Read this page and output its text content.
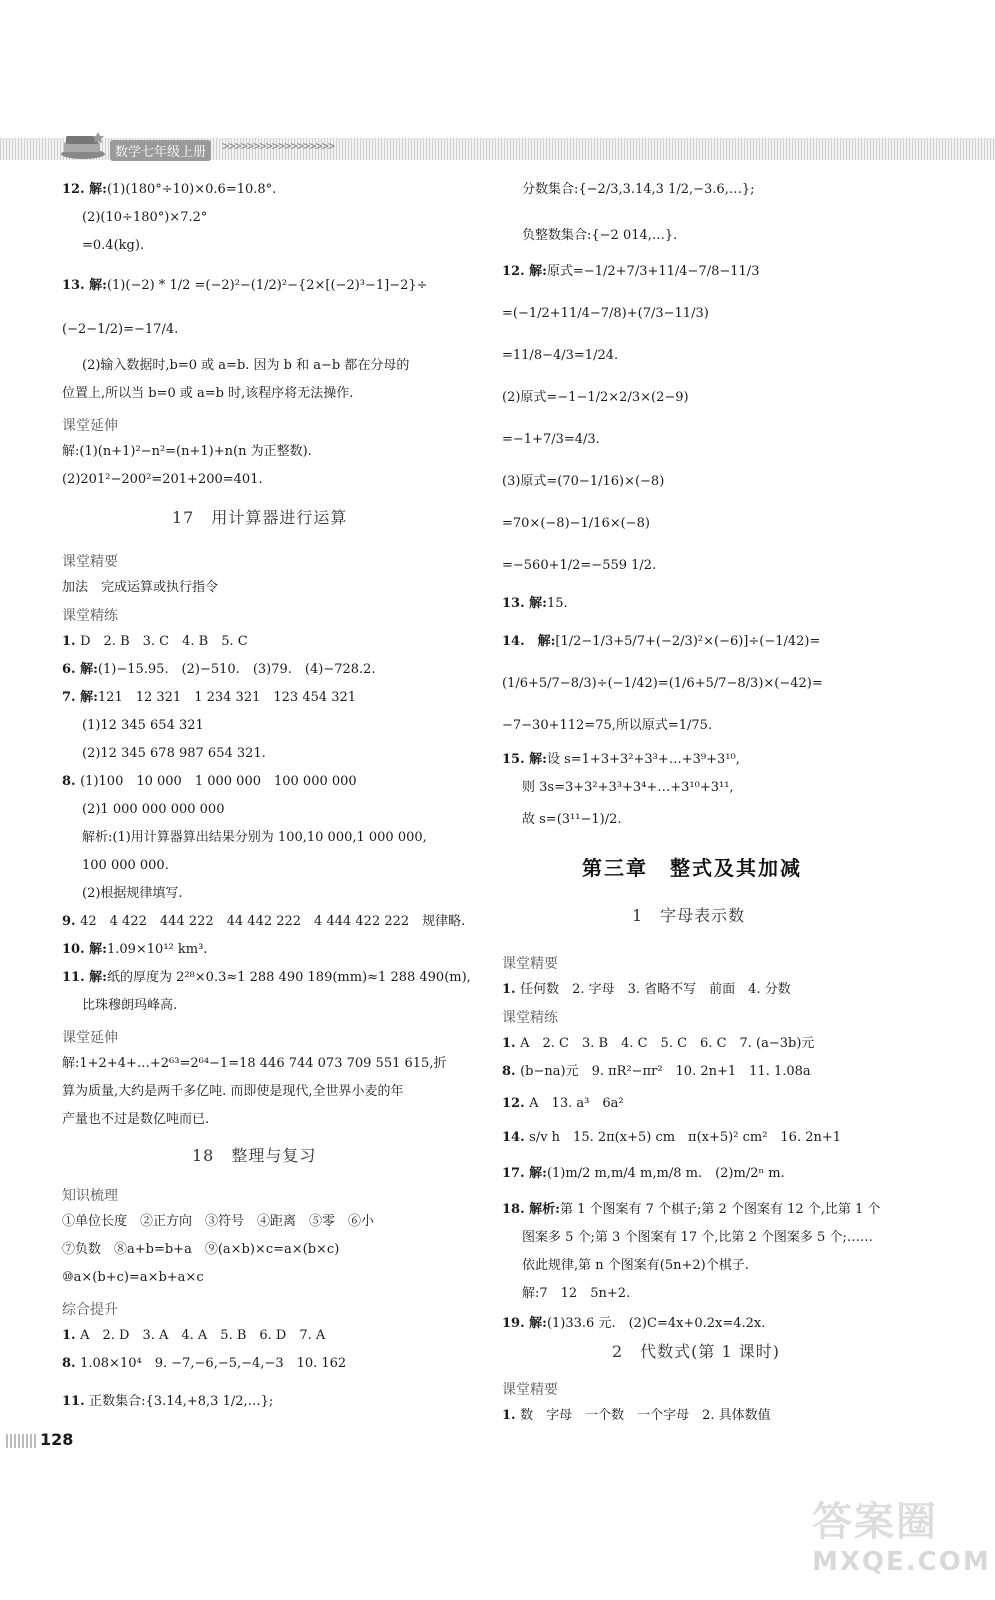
数学七年级上册	>>>>>>>>>>>>>>>>>>
12. 解:(1)(180°÷10)×0.6=10.8°.
(2)(10÷180°)×7.2°
=0.4(kg).
13. 解:(1)(−2) * 1/2 =(−2)²−(1/2)²−{2×[(−2)³−1]−2}÷
(−2−1/2)=−17/4.
(2)输入数据时,b=0 或 a=b. 因为 b 和 a−b 都在分母的
位置上,所以当 b=0 或 a=b 时,该程序将无法操作.
课堂延伸
解:(1)(n+1)²−n²=(n+1)+n(n 为正整数).
(2)201²−200²=201+200=401.
17　用计算器进行运算
课堂精要
加法　完成运算或执行指令
课堂精练
1. D　2. B　3. C　4. B　5. C
6. 解:(1)−15.95.　(2)−510.　(3)79.　(4)−728.2.
7. 解:121　12 321　1 234 321　123 454 321
(1)12 345 654 321
(2)12 345 678 987 654 321.
8. (1)100　10 000　1 000 000　100 000 000
(2)1 000 000 000 000
解析:(1)用计算器算出结果分别为 100,10 000,1 000 000,
100 000 000.
(2)根据规律填写.
9. 42　4 422　444 222　44 442 222　4 444 422 222　规律略.
10. 解:1.09×10¹² km³.
11. 解:纸的厚度为 2²⁸×0.3≈1 288 490 189(mm)≈1 288 490(m),
比珠穆朗玛峰高.
课堂延伸
解:1+2+4+…+2⁶³=2⁶⁴−1=18 446 744 073 709 551 615,折
算为质量,大约是两千多亿吨. 而即使是现代,全世界小麦的年
产量也不过是数亿吨而已.
18　整理与复习
知识梳理
①单位长度　②正方向　③符号　④距离　⑤零　⑥小
⑦负数　⑧a+b=b+a　⑨(a×b)×c=a×(b×c)
⑩a×(b+c)=a×b+a×c
综合提升
1. A　2. D　3. A　4. A　5. B　6. D　7. A
8. 1.08×10⁴　9. −7,−6,−5,−4,−3　10. 162
11. 正数集合:{3.14,+8,3 1/2,…};
分数集合:{−2/3,3.14,3 1/2,−3.6,…};
负整数集合:{−2 014,…}.
12. 解:原式=−1/2+7/3+11/4−7/8−11/3
=(−1/2+11/4−7/8)+(7/3−11/3)
=11/8−4/3=1/24.
(2)原式=−1−1/2×2/3×(2−9)
=−1+7/3=4/3.
(3)原式=(70−1/16)×(−8)
=70×(−8)−1/16×(−8)
=−560+1/2=−559 1/2.
13. 解:15.
14.　解:[1/2−1/3+5/7+(−2/3)²×(−6)]÷(−1/42)=
(1/6+5/7−8/3)÷(−1/42)=(1/6+5/7−8/3)×(−42)=
−7−30+112=75,所以原式=1/75.
15. 解:设 s=1+3+3²+3³+…+3⁹+3¹⁰,
则 3s=3+3²+3³+3⁴+…+3¹⁰+3¹¹,
故 s=(3¹¹−1)/2.
第三章　整式及其加减
1　字母表示数
课堂精要
1. 任何数　2. 字母　3. 省略不写　前面　4. 分数
课堂精练
1. A　2. C　3. B　4. C　5. C　6. C　7. (a−3b)元
8. (b−na)元　9. πR²−πr²　10. 2n+1　11. 1.08a
12. A　13. a³　6a²
14. s/v h　15. 2π(x+5) cm　π(x+5)² cm²　16. 2n+1
17. 解:(1)m/2 m,m/4 m,m/8 m.　(2)m/2ⁿ m.
18. 解析:第 1 个图案有 7 个棋子;第 2 个图案有 12 个,比第 1 个
图案多 5 个;第 3 个图案有 17 个,比第 2 个图案多 5 个;……
依此规律,第 n 个图案有(5n+2)个棋子.
解:7　12　5n+2.
19. 解:(1)33.6 元.　(2)C=4x+0.2x=4.2x.
2　代数式(第 1 课时)
课堂精要
1. 数　字母　一个数　一个字母　2. 具体数值
128
答案圈
MXQE.COM
